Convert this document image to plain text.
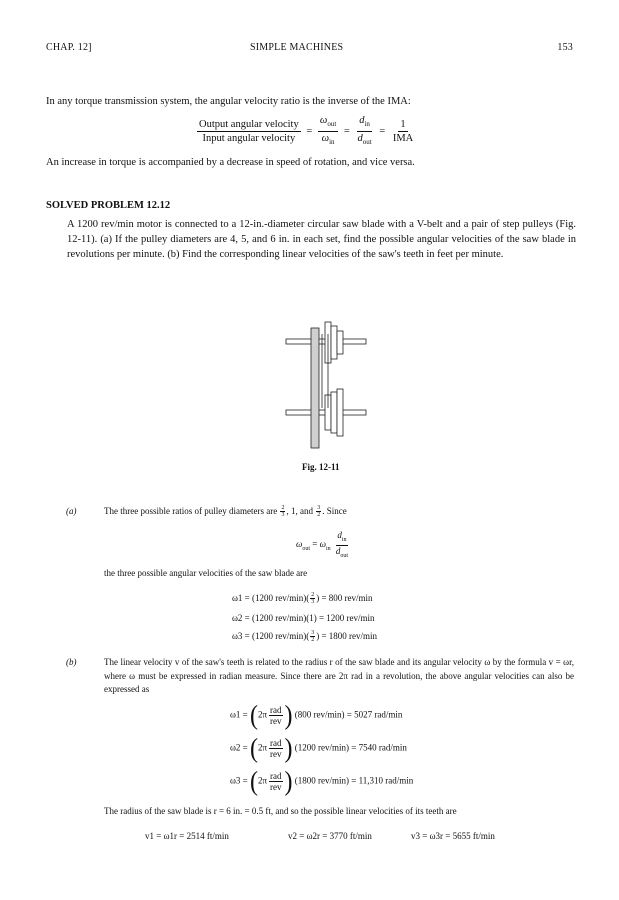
CHAP. 12]	SIMPLE MACHINES	153
In any torque transmission system, the angular velocity ratio is the inverse of the IMA:
$\frac{\text{Output angular velocity}}{\text{Input angular velocity}} = \frac{\omega_{out}}{\omega_{in}} = \frac{d_{in}}{d_{out}} = \frac{1}{\text{IMA}}$
An increase in torque is accompanied by a decrease in speed of rotation, and vice versa.
SOLVED PROBLEM 12.12
A 1200 rev/min motor is connected to a 12-in.-diameter circular saw blade with a V-belt and a pair of step pulleys (Fig. 12-11). (a) If the pulley diameters are 4, 5, and 6 in. in each set, find the possible angular velocities of the saw blade in revolutions per minute. (b) Find the corresponding linear velocities of the saw's teeth in feet per minute.
Fig. 12-11
(a)	The three possible ratios of pulley diameters are $\frac{2}{3}$ , 1, and $\frac{3}{2}$ . Since
$\omega_{out} = \omega_{in} \frac{d_{in}}{d_{out}}$
the three possible angular velocities of the saw blade are
ω1 = (1200 $rev/\min)( \frac{2}{3}$ ) = 800 rev/min
ω2 = (1200 rev/min)(1) = 1200 rev/min
ω3 = (1200 $rev/\min)( \frac{3}{2}$ ) = 1800 rev/min
(b)	The linear velocity v of the saw's teeth is related to the radius r of the saw blade and its angular velocity ω by the formula v = ωr, where ω must be expressed in radian measure. Since there are 2π rad in a revolution, the above angular velocities can also be expressed as
$\omega 1 = (2\pi \frac{\text{rad}}{\text{rev}}$ ) (800 rev/min) = 5027 rad/min
$\omega 2 = (2\pi \frac{\text{rad}}{\text{rev}}$ ) (1200 rev/min) = 7540 rad/min
$\omega 3 = (2\pi \frac{\text{rad}}{\text{rev}}$ ) (1800 rev/min) = 11,310 rad/min
The radius of the saw blade is r = 6 in. = 0.5 ft, and so the possible linear velocities of its teeth are
v1 = ω1r = 2514 ft/min	v2 = ω2r = 3770 ft/min	v3 = ω3r = 5655 ft/min
